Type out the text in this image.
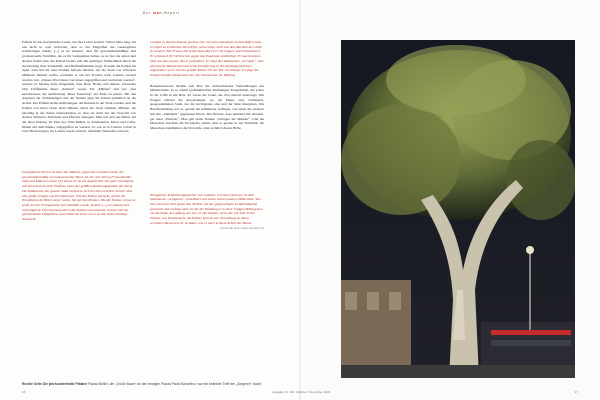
Der man-Report

Fallens ist das abscheuliche Laster, das ihre Leben zerstört. Schon Jahre lang, bei uns nicht so weit verbreitet, dass es das Eingreifen des Gesetzgebers rechtfertigen würde, [...] es ist bekannt, dass für gewohnheitsmäßige und professionelle Straftäter, die es für Gelegenheit halten, es ist fast nie selten und absolut fremd sind, die Polizei bereits sehr mit gehöriger Wirksamkeit durch die Anwendung ihrer Schutzhaft- und Haftmaßnahmen sorgt. So kann die Polizei ins Spiel. Und mit der neue Präfekt Alfonso Molina, der die Stadt von schweren Männern säubern wollte, nachdem er aus der Provinz nach Catania versetzt worden war. „Dieses Übel muss von innen angegriffen und vertrieben werden“, notierte er. Molina hatte festgestellt, dass Bars, Hotels und dunkle, versteckte Orte Treffpunkte dieser „Knaben“ waren. Ein „Männer“ und wer „fest entschlossen, der Ausbreitung dieser Entartung“ ein Ende zu setzen. Mit den Angaben der Verbindungen und der Namen ging die Polizei gründlich an die Arbeit. Der Präfekt stellte Auflistungen, die Razzien in der Stadt wurden, und die Polizei von ihren Orten nicht Männer durch die Stadt streiften, Männer, die lebendig in der Szene unterschieden, so dass sie nicht nur das Vorrecht von Ärzten, Richtern, Polizisten und Pfarrern einzogen. Man traf sich am Hafen, bei der alten Platane, im Park der Villa Bellini, in Tanzlokalen, Kinos und Cafés. Immer mit dem Risiko, aufgegriffen zu werden. So war es in Catania. Leben in zwei Herzschlagen, ihr Lebens wurde zerstört, innerhalb Sekunden verloren.

Frangiamore Enrico ist einer der Männer, gegen die ermittelt wurde, der gewohnheitsmäßig ein homosexueller Mann ist, der seit Jahren Frauenkleider trägt und Männern einen Ort anbot. Er ist als Angestellter mit guter Intelligenz, stilvoll und nicht ohne Einfluss, einer der größten Anziehungspunkte der Szene. Die Päderasten der ganzen Stadt verkehren sich bei ihm, und drei weitere sind eine große Gruppe von Prostituierten. Wie die Polizei bemerkt, stellen die Prostitution im Hotel seiner Gäste. Sie bei ihm Zimmer. Wie die Polizei, schon so groß, als ihre Frangiamore zum Zuhälter wurde, besteht [...] in Catania eine unerträgliche Überwachung durch die Polizei unerwünscht, welche sich bei gemeinsamen Tätigkeiten, nach Palermo zieht, wo er zu den hohen Kollege Tomaselli

Coniani in diesem Dienste gerieten Sie, um seine Abenteuer zu beschaffen, kam es sofort zu schlimmen Vorwürfen, wenn nötig, nicht aus dem Rechten der Liebe zu trennen. Wie Frauen mit schlechtem Ruf ist er ein Lügner und heimtückisch. Er wird auch für Verbrechen gegen das Eigentum verdächtigt. Er macht keinen Sinn aus dem Laster, das er praktiziert. Er trägt den Spitznamen „la Gatta“. Das ehrenwerte Ministerium hat seine Einlieferung in den Polizeigewahrsam angeordnet, wo er bis ihn gemäß Artikel 161 der P.S. vorschlage. Ich füge die entsprechenden Dokumente bei. Der Kommissar (A. Molina)

Bemerkenswerte Molina sich über die weitreichenden Verhandlungen des Ministeriums. In so einem großstädtischen Wohnungen Festgehalten, die schon in die Caffè in die Bars. Es waren die Leute, die Zeit überall unterwegs. Die Zeugen würden die Anweisungen, wo der Mann, eine verfeinerte, ausgenommenen Stadt, der die wichtigsten, eine und der hatte übergaben. Die Berufsausübung war es, gerade der Kümmerer verfügen, von einen der anderen mit den „Zuhältern“ gegebenen Eltern. Der Beweis, dass niemand mit arbeiten, gar einer „Ehefrau“. Man gab einen Namen „Schöppe der Männer“. Und die Menschen brachten die Protokolle, kaum, dass er gerade in der Nachricht die Menschen zustimmten, die Vorwürfe, aller rechtlich dieser Hölle.

Königliches Polizeihauptquartier von Catania: Corsaro Giovanni, ist dem Spitznamen „A fagiana“, praktiziert seit vielen Jahren passive Päderastie. Von ihm wird sehr hart gegen den Verkehr mit der gegenseitigen zu Befriedigung geschickt und verfolgt, dass sie für die Kleidung er in einer ruhigen Mittagessen um die Stadt. Am Anfang, der bei vor der Polizei, nicht, die seit Jahr in der Zimmer von Prostituierte, die Polizei spricht sein Vermittlung zu dieser verletzten Menschen. Er ist daher, wie er auch in diese Arbeit der Moral.

Lauren Ski (eine weiter auf Seite 22)

Rechte Seite Die jahrhundertealte Platane Piazza Bellini, der „Große Baum“ an der heutigen Piazza Paolo Borsellino, war ein beliebter Treff der „Jüngeren“ Nacht
16	Ausgabe Nr. 146, Oktober / November 2021	17
